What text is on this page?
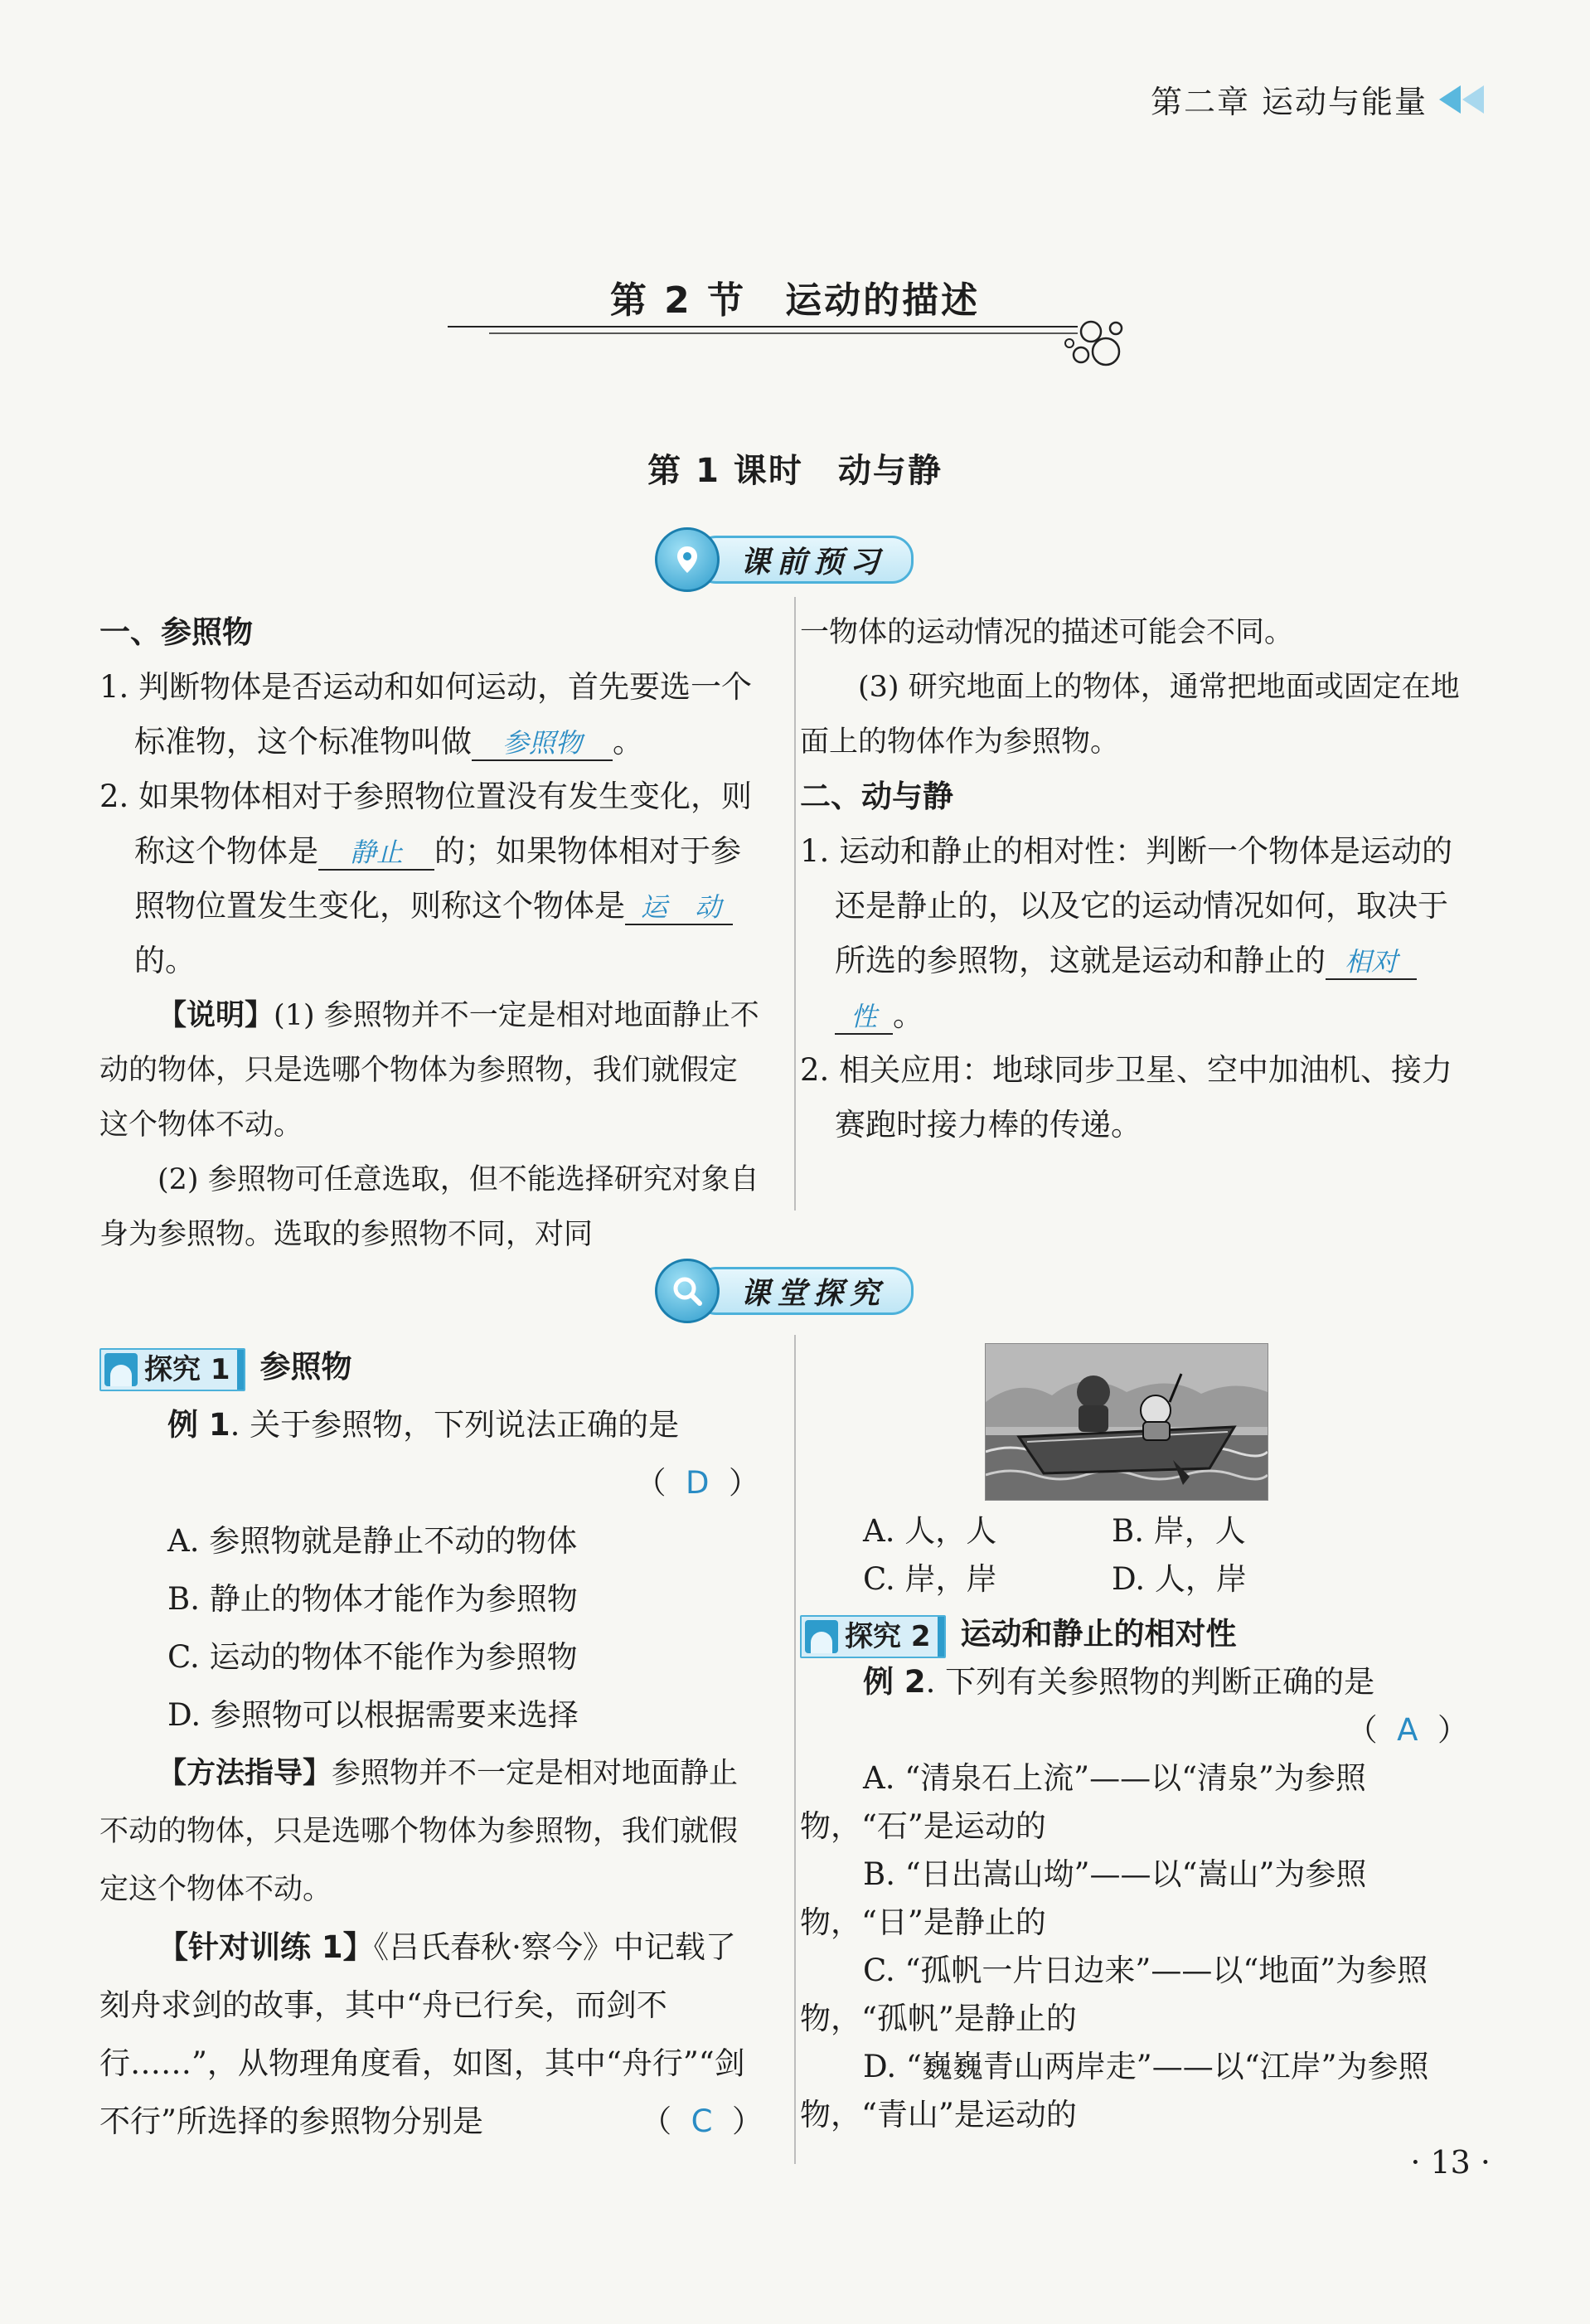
第二章 运动与能量
第 2 节　运动的描述
第 1 课时　动与静
课前预习

一、参照物

1. 判断物体是否运动和如何运动，首先要选一个标准物，这个标准物叫做 参照物 。

2. 如果物体相对于参照物位置没有发生变化，则称这个物体是 静止 的；如果物体相对于参照物位置发生变化，则称这个物体是 运 动的。

【说明】(1) 参照物并不一定是相对地面静止不动的物体，只是选哪个物体为参照物，我们就假定这个物体不动。

(2) 参照物可任意选取，但不能选择研究对象自身为参照物。选取的参照物不同，对同

一物体的运动情况的描述可能会不同。

(3) 研究地面上的物体，通常把地面或固定在地面上的物体作为参照物。

二、动与静

1. 运动和静止的相对性：判断一个物体是运动的还是静止的，以及它的运动情况如何，取决于所选的参照物，这就是运动和静止的 相对性 。

2. 相关应用：地球同步卫星、空中加油机、接力赛跑时接力棒的传递。

课堂探究

探究 1 参照物

例 1. 关于参照物，下列说法正确的是

（  D  ）

A. 参照物就是静止不动的物体

B. 静止的物体才能作为参照物

C. 运动的物体不能作为参照物

D. 参照物可以根据需要来选择

【方法指导】参照物并不一定是相对地面静止不动的物体，只是选哪个物体为参照物，我们就假定这个物体不动。

【针对训练 1】《吕氏春秋·察今》中记载了刻舟求剑的故事，其中“舟已行矣，而剑不行……”，从物理角度看，如图，其中“舟行”“剑不行”所选择的参照物分别是	（  C  ）

A. 人，人	B. 岸，人
C. 岸，岸	D. 人，岸

探究 2 运动和静止的相对性

例 2. 下列有关参照物的判断正确的是

（  A  ）

A. “清泉石上流”——以“清泉”为参照物，“石”是运动的

B. “日出嵩山坳”——以“嵩山”为参照物，“日”是静止的

C. “孤帆一片日边来”——以“地面”为参照物，“孤帆”是静止的

D. “巍巍青山两岸走”——以“江岸”为参照物，“青山”是运动的

· 13 ·
